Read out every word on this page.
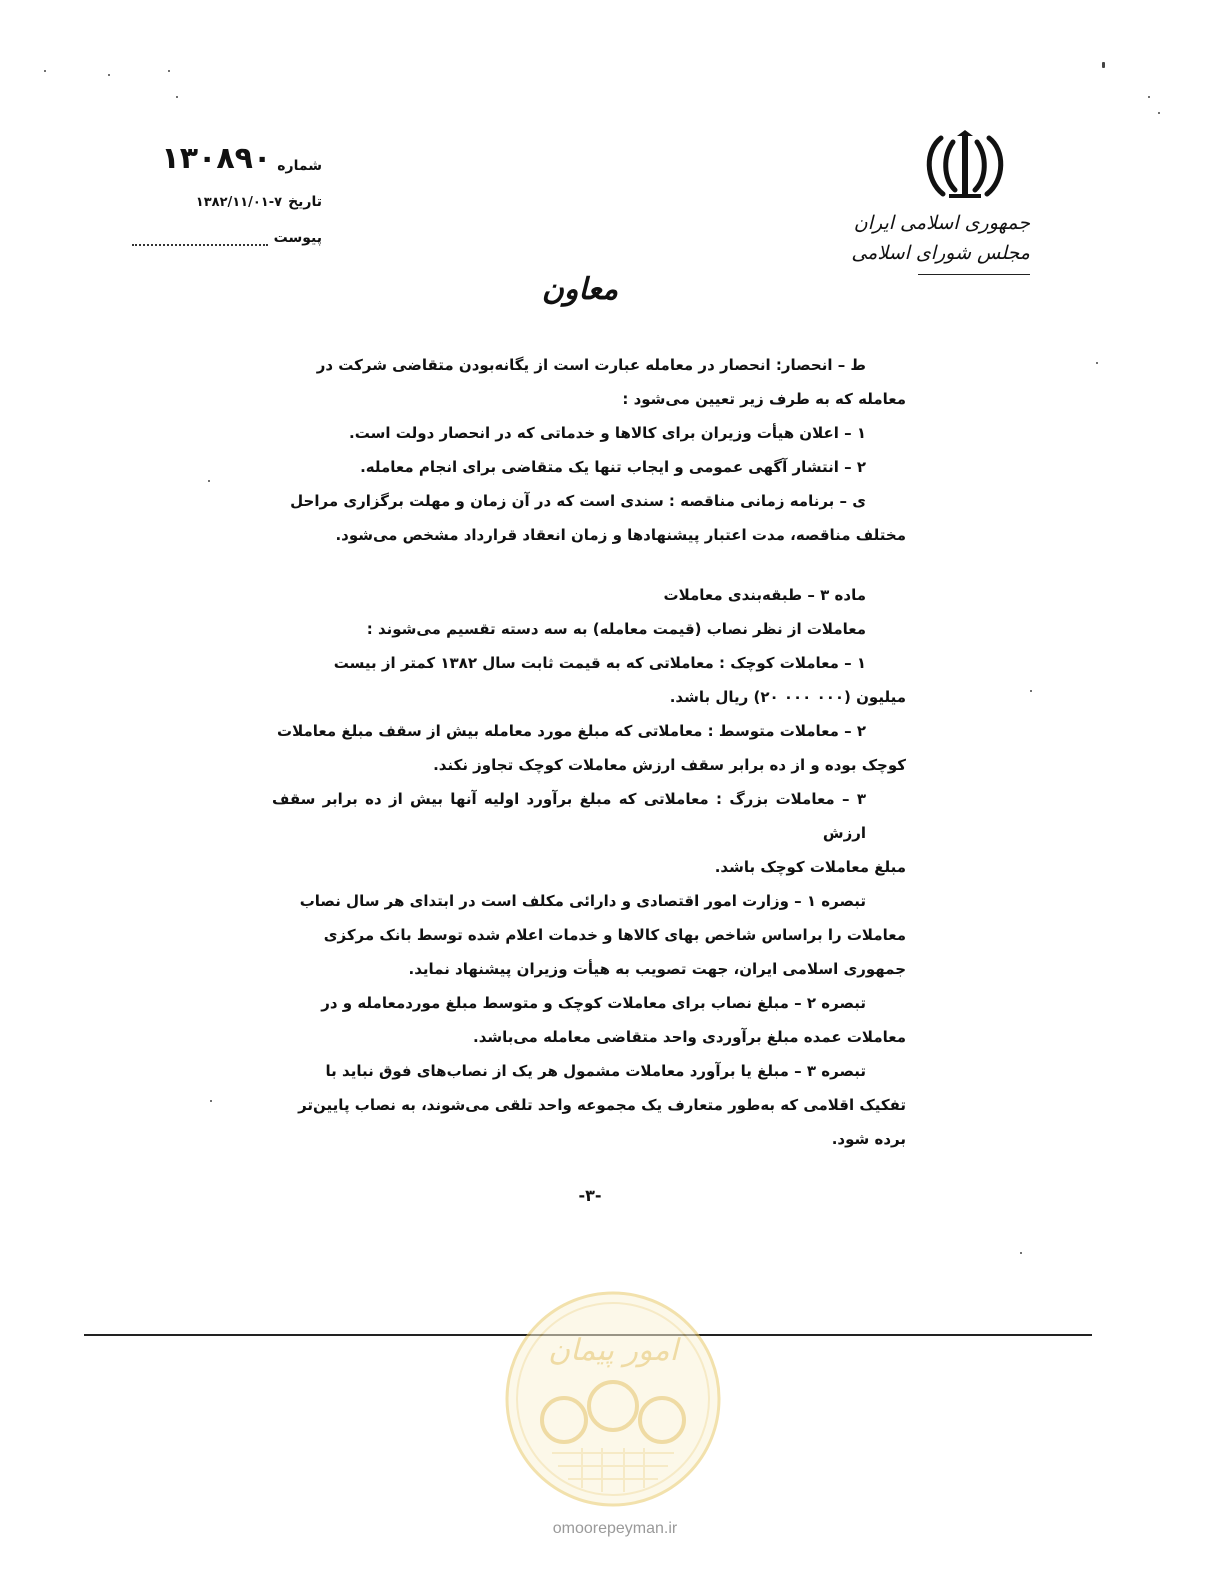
جمهوری اسلامی ایران
مجلس شورای اسلامی
شماره
۱۳۰۸۹۰
تاریخ
۱۳۸۲/۱۱/۰۱-۷
پیوست
معاون

ط – انحصار: انحصار در معامله عبارت است از یگانه‌بودن متقاضی شرکت در

معامله که به طرف زیر تعیین می‌شود :

۱ – اعلان هیأت وزیران برای کالاها و خدماتی که در انحصار دولت است.

۲ – انتشار آگهی عمومی و ایجاب تنها یک متقاضی برای انجام معامله.

ی – برنامه زمانی مناقصه : سندی است که در آن زمان و مهلت برگزاری مراحل

مختلف مناقصه، مدت اعتبار پیشنهادها و زمان انعقاد قرارداد مشخص می‌شود.

ماده ۳ – طبقه‌بندی معاملات

معاملات از نظر نصاب (قیمت معامله) به سه دسته تقسیم می‌شوند :

۱ – معاملات کوچک : معاملاتی که به قیمت ثابت سال ۱۳۸۲ کمتر از بیست

میلیون (۰۰۰ ۰۰۰ ۲۰) ریال باشد.

۲ – معاملات متوسط : معاملاتی که مبلغ مورد معامله بیش از سقف مبلغ معاملات

کوچک بوده و از ده برابر سقف ارزش معاملات کوچک تجاوز نکند.

۳ – معاملات بزرگ : معاملاتی که مبلغ برآورد اولیه آنها بیش از ده برابر سقف ارزش

مبلغ معاملات کوچک باشد.

تبصره ۱ – وزارت امور اقتصادی و دارائی مکلف است در ابتدای هر سال نصاب

معاملات را براساس شاخص بهای کالاها و خدمات اعلام شده توسط بانک مرکزی

جمهوری اسلامی ایران، جهت تصویب به هیأت وزیران پیشنهاد نماید.

تبصره ۲ – مبلغ نصاب برای معاملات کوچک و متوسط مبلغ موردمعامله و در

معاملات عمده مبلغ برآوردی واحد متقاضی معامله می‌باشد.

تبصره ۳ – مبلغ یا برآورد معاملات مشمول هر یک از نصاب‌های فوق نباید با

تفکیک اقلامی که به‌طور متعارف یک مجموعه واحد تلقی می‌شوند، به نصاب پایین‌تر

برده شود.

-۳-
امور پیمان
omoorepeyman.ir
